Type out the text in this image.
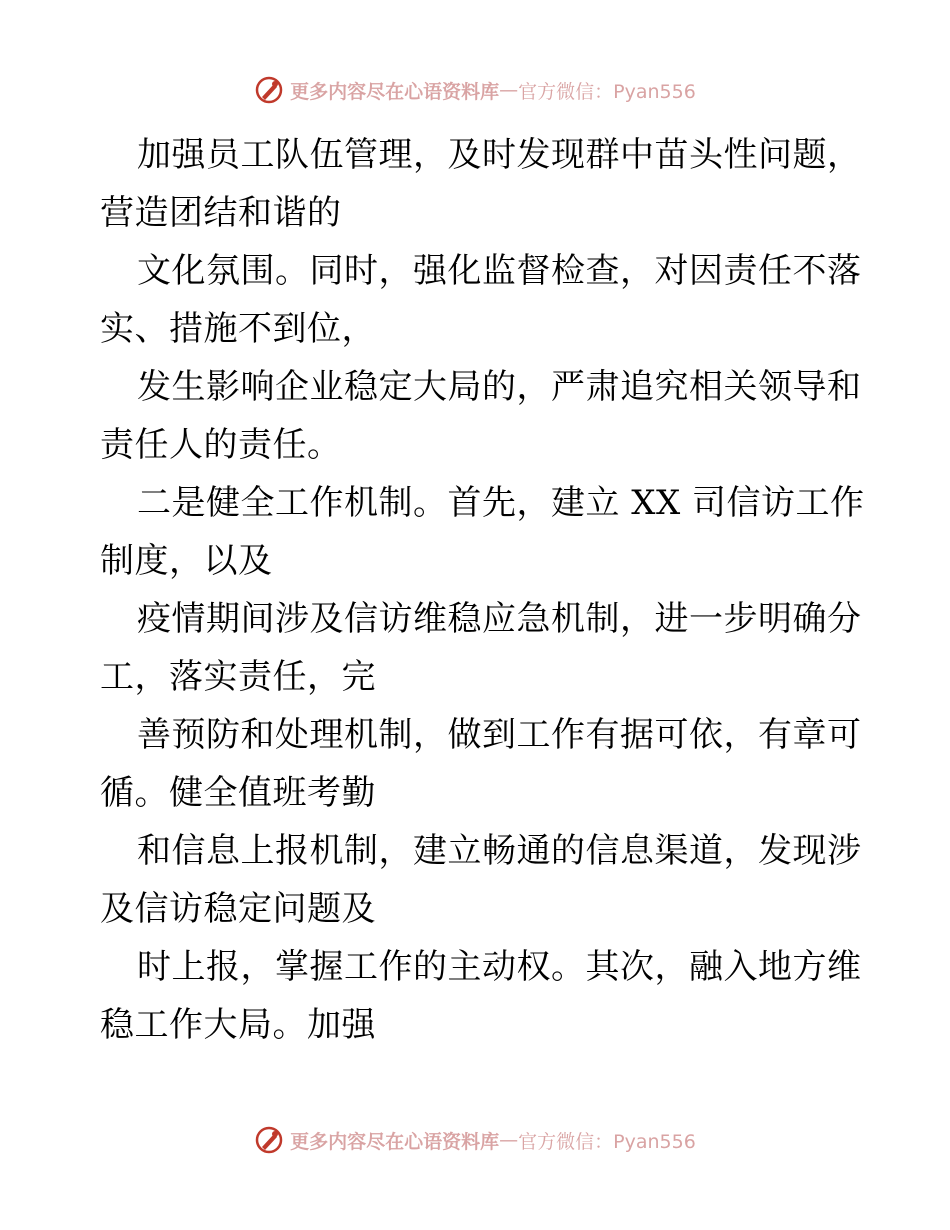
更多内容尽在心语资料库 — 官方微信：Pyan556
加强员工队伍管理，及时发现群中苗头性问题，
营造团结和谐的
文化氛围。同时，强化监督检查，对因责任不落
实、措施不到位，
发生影响企业稳定大局的，严肃追究相关领导和
责任人的责任。
二是健全工作机制。首先，建立 XX 司信访工作
制度，以及
疫情期间涉及信访维稳应急机制，进一步明确分
工，落实责任，完
善预防和处理机制，做到工作有据可依，有章可
循。健全值班考勤
和信息上报机制，建立畅通的信息渠道，发现涉
及信访稳定问题及
时上报，掌握工作的主动权。其次，融入地方维
稳工作大局。加强
更多内容尽在心语资料库 — 官方微信：Pyan556
